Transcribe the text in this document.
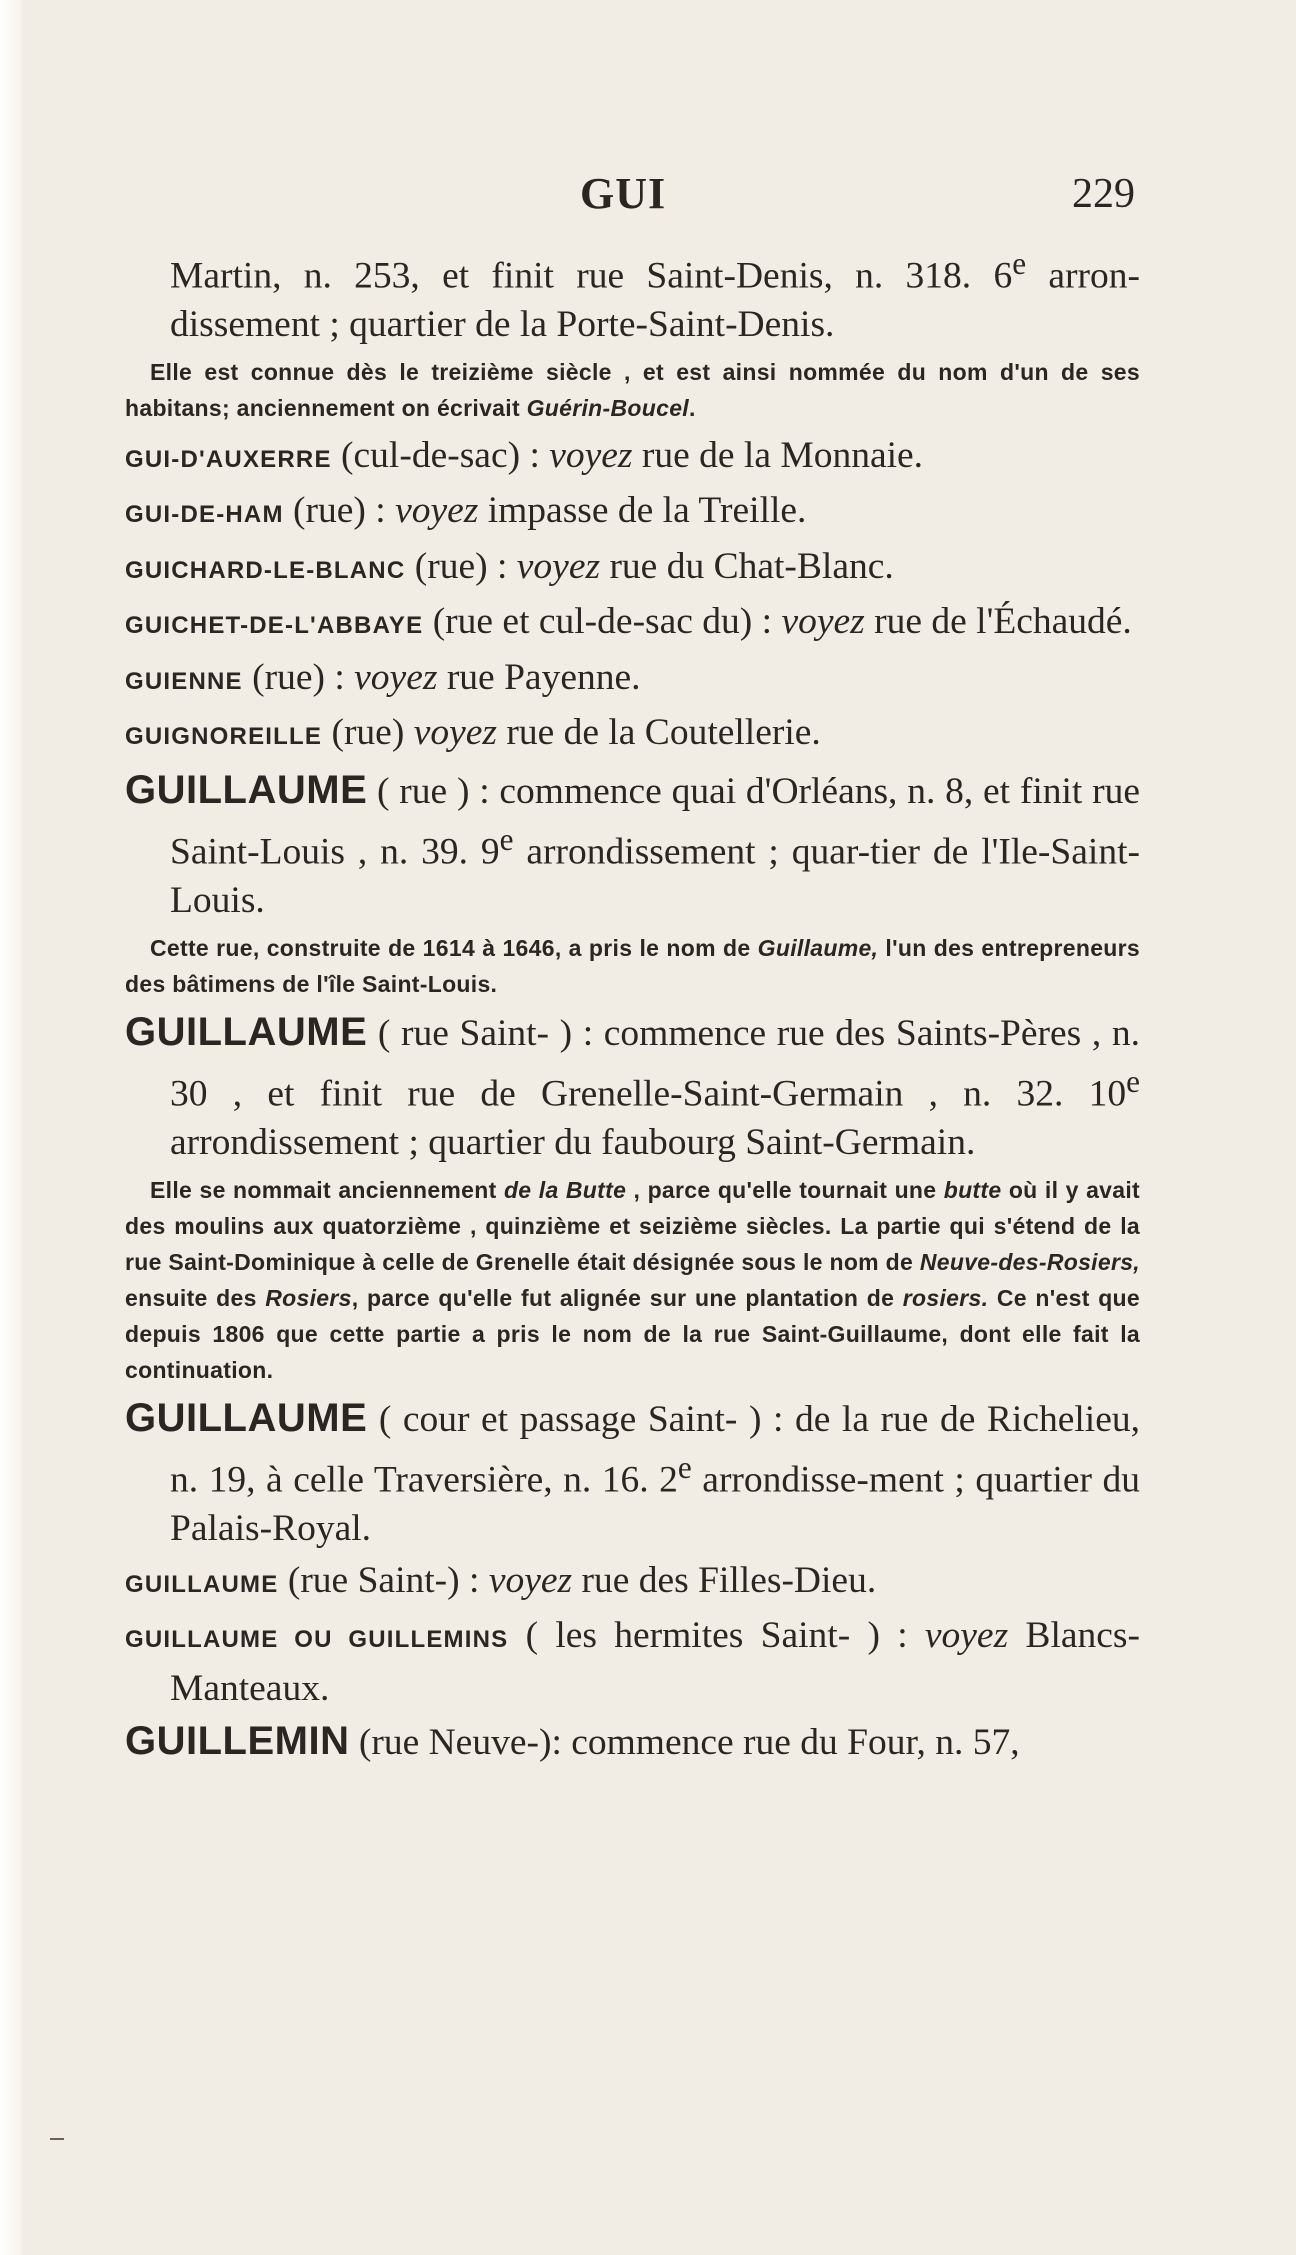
GUI	229

Martin, n. 253, et finit rue Saint-Denis, n. 318. 6e arron-dissement ; quartier de la Porte-Saint-Denis.

Elle est connue dès le treizième siècle , et est ainsi nommée du nom d'un de ses habitans; anciennement on écrivait Guérin-Boucel.

GUI-D'AUXERRE (cul-de-sac) : voyez rue de la Monnaie.

GUI-DE-HAM (rue) : voyez impasse de la Treille.

GUICHARD-LE-BLANC (rue) : voyez rue du Chat-Blanc.

GUICHET-DE-L'ABBAYE (rue et cul-de-sac du) : voyez rue de l'Échaudé.

GUIENNE (rue) : voyez rue Payenne.

GUIGNOREILLE (rue) voyez rue de la Coutellerie.

GUILLAUME ( rue ) : commence quai d'Orléans, n. 8, et finit rue Saint-Louis , n. 39. 9e arrondissement ; quar-tier de l'Ile-Saint-Louis.

Cette rue, construite de 1614 à 1646, a pris le nom de Guillaume, l'un des entrepreneurs des bâtimens de l'île Saint-Louis.

GUILLAUME ( rue Saint- ) : commence rue des Saints-Pères , n. 30 , et finit rue de Grenelle-Saint-Germain , n. 32. 10e arrondissement ; quartier du faubourg Saint-Germain.

Elle se nommait anciennement de la Butte , parce qu'elle tournait une butte où il y avait des moulins aux quatorzième , quinzième et seizième siècles. La partie qui s'étend de la rue Saint-Dominique à celle de Grenelle était désignée sous le nom de Neuve-des-Rosiers, ensuite des Rosiers, parce qu'elle fut alignée sur une plantation de rosiers. Ce n'est que depuis 1806 que cette partie a pris le nom de la rue Saint-Guillaume, dont elle fait la continuation.

GUILLAUME ( cour et passage Saint- ) : de la rue de Richelieu, n. 19, à celle Traversière, n. 16. 2e arrondisse-ment ; quartier du Palais-Royal.

GUILLAUME (rue Saint-) : voyez rue des Filles-Dieu.

GUILLAUME OU GUILLEMINS ( les hermites Saint- ) : voyez Blancs-Manteaux.

GUILLEMIN (rue Neuve-): commence rue du Four, n. 57,
